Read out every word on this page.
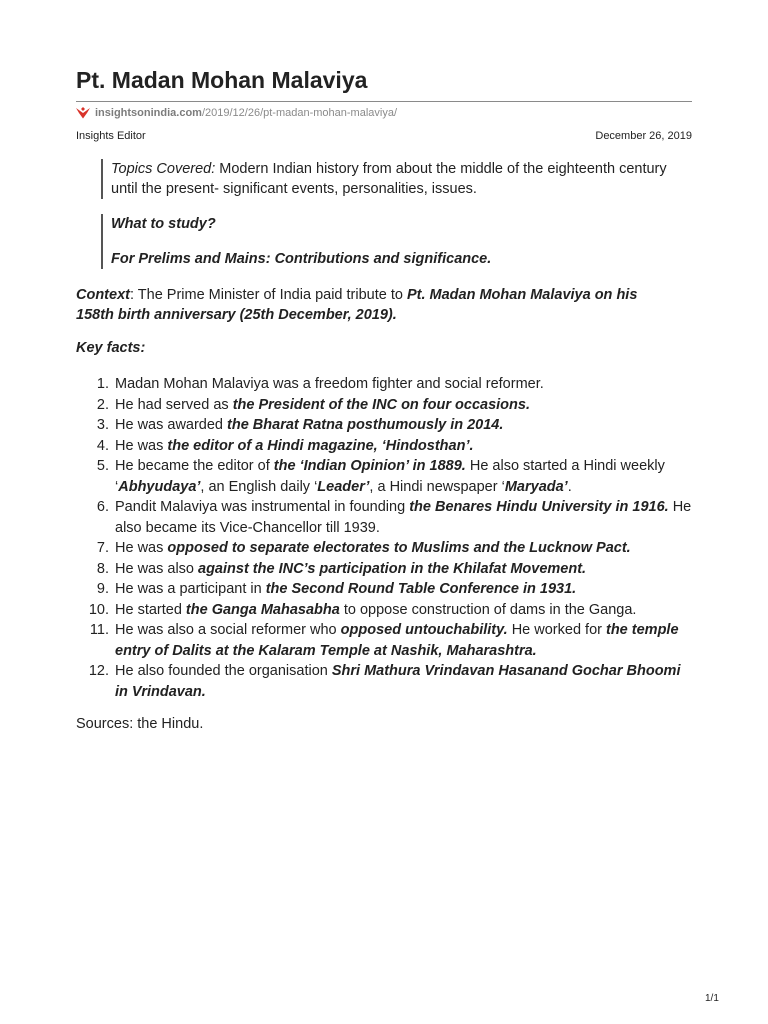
Pt. Madan Mohan Malaviya
insightsonindia.com /2019/12/26/pt-madan-mohan-malaviya/
Insights Editor	December 26, 2019
Topics Covered: Modern Indian history from about the middle of the eighteenth century until the present- significant events, personalities, issues.

What to study?

For Prelims and Mains: Contributions and significance.

Context: The Prime Minister of India paid tribute to Pt. Madan Mohan Malaviya on his 158th birth anniversary (25th December, 2019).

Key facts:

1. Madan Mohan Malaviya was a freedom fighter and social reformer.
2. He had served as the President of the INC on four occasions.
3. He was awarded the Bharat Ratna posthumously in 2014.
4. He was the editor of a Hindi magazine, ‘Hindosthan’.
5. He became the editor of the ‘Indian Opinion’ in 1889. He also started a Hindi weekly ‘Abhyudaya’, an English daily ‘Leader’, a Hindi newspaper ‘Maryada’.
6. Pandit Malaviya was instrumental in founding the Benares Hindu University in 1916. He also became its Vice-Chancellor till 1939.
7. He was opposed to separate electorates to Muslims and the Lucknow Pact.
8. He was also against the INC’s participation in the Khilafat Movement.
9. He was a participant in the Second Round Table Conference in 1931.
10. He started the Ganga Mahasabha to oppose construction of dams in the Ganga.
11. He was also a social reformer who opposed untouchability. He worked for the temple entry of Dalits at the Kalaram Temple at Nashik, Maharashtra.
12. He also founded the organisation Shri Mathura Vrindavan Hasanand Gochar Bhoomi in Vrindavan.

Sources: the Hindu.

1/1
